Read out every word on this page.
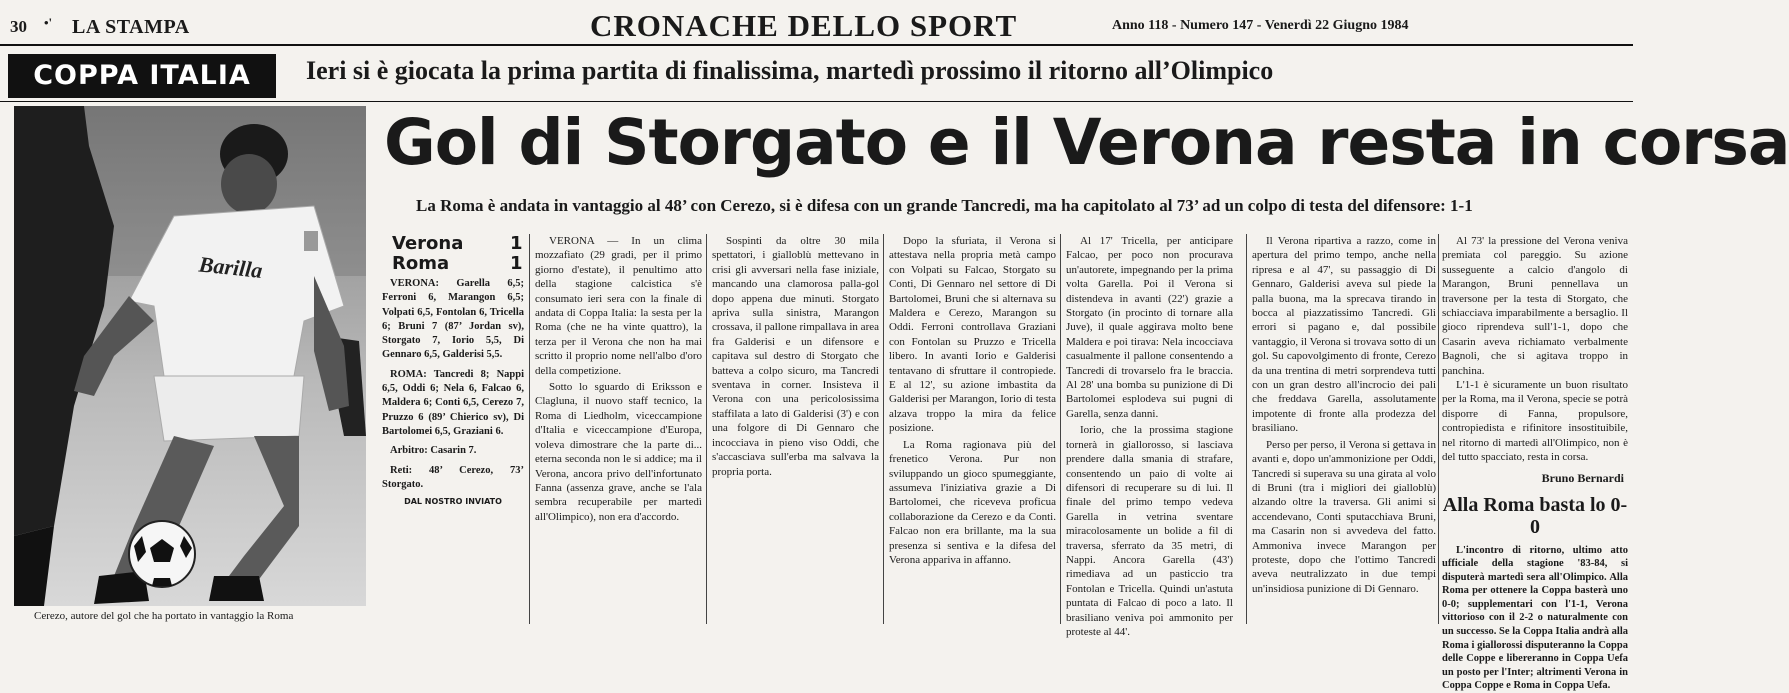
30 •' LA STAMPA	CRONACHE DELLO SPORT	Anno 118 - Numero 147 - Venerdì 22 Giugno 1984
COPPA ITALIA	Ieri si è giocata la prima partita di finalissima, martedì prossimo il ritorno all’Olimpico
Barilla
Cerezo, autore del gol che ha portato in vantaggio la Roma
Gol di Storgato e il Verona resta in corsa
La Roma è andata in vantaggio al 48’ con Cerezo, si è difesa con un grande Tancredi, ma ha capitolato al 73’ ad un colpo di testa del difensore: 1-1
Verona	1
Roma	1

VERONA: Garella 6,5; Ferroni 6, Marangon 6,5; Volpati 6,5, Fontolan 6, Tricella 6; Bruni 7 (87’ Jordan sv), Storgato 7, Iorio 5,5, Di Gennaro 6,5, Galderisi 5,5.

ROMA: Tancredi 8; Nappi 6,5, Oddi 6; Nela 6, Falcao 6, Maldera 6; Conti 6,5, Cerezo 7, Pruzzo 6 (89’ Chierico sv), Di Bartolomei 6,5, Graziani 6.

Arbitro: Casarin 7.

Reti: 48’ Cerezo, 73’ Storgato.

DAL NOSTRO INVIATO

VERONA — In un clima mozzafiato (29 gradi, per il primo giorno d'estate), il penultimo atto della stagione calcistica s'è consumato ieri sera con la finale di andata di Coppa Italia: la sesta per la Roma (che ne ha vinte quattro), la terza per il Verona che non ha mai scritto il proprio nome nell'albo d'oro della competizione.

Sotto lo sguardo di Eriksson e Clagluna, il nuovo staff tecnico, la Roma di Liedholm, viceccampione d'Italia e viceccampione d'Europa, voleva dimostrare che la parte di... eterna seconda non le si addice; ma il Verona, ancora privo dell'infortunato Fanna (assenza grave, anche se l'ala sembra recuperabile per martedì all'Olimpico), non era d'accordo.

Sospinti da oltre 30 mila spettatori, i gialloblù mettevano in crisi gli avversari nella fase iniziale, mancando una clamorosa palla-gol dopo appena due minuti. Storgato apriva sulla sinistra, Marangon crossava, il pallone rimpallava in area fra Galderisi e un difensore e capitava sul destro di Storgato che batteva a colpo sicuro, ma Tancredi sventava in corner. Insisteva il Verona con una pericolosissima staffilata a lato di Galderisi (3') e con una folgore di Di Gennaro che incocciava in pieno viso Oddi, che s'accasciava sull'erba ma salvava la propria porta.

Dopo la sfuriata, il Verona si attestava nella propria metà campo con Volpati su Falcao, Storgato su Conti, Di Gennaro nel settore di Di Bartolomei, Bruni che si alternava su Maldera e Cerezo, Marangon su Oddi. Ferroni controllava Graziani con Fontolan su Pruzzo e Tricella libero. In avanti Iorio e Galderisi tentavano di sfruttare il contropiede. E al 12', su azione imbastita da Galderisi per Marangon, Iorio di testa alzava troppo la mira da felice posizione.

La Roma ragionava più del frenetico Verona. Pur non sviluppando un gioco spumeggiante, assumeva l'iniziativa grazie a Di Bartolomei, che riceveva proficua collaborazione da Cerezo e da Conti. Falcao non era brillante, ma la sua presenza si sentiva e la difesa del Verona appariva in affanno.

Al 17' Tricella, per anticipare Falcao, per poco non procurava un'autorete, impegnando per la prima volta Garella. Poi il Verona si distendeva in avanti (22') grazie a Storgato (in procinto di tornare alla Juve), il quale aggirava molto bene Maldera e poi tirava: Nela incocciava casualmente il pallone consentendo a Tancredi di trovarselo fra le braccia. Al 28' una bomba su punizione di Di Bartolomei esplodeva sui pugni di Garella, senza danni.

Iorio, che la prossima stagione tornerà in giallorosso, si lasciava prendere dalla smania di strafare, consentendo un paio di volte ai difensori di recuperare su di lui. Il finale del primo tempo vedeva Garella in vetrina sventare miracolosamente un bolide a fil di traversa, sferrato da 35 metri, di Nappi. Ancora Garella (43') rimediava ad un pasticcio tra Fontolan e Tricella. Quindi un'astuta puntata di Falcao di poco a lato. Il brasiliano veniva poi ammonito per proteste al 44'.

Il Verona ripartiva a razzo, come in apertura del primo tempo, anche nella ripresa e al 47', su passaggio di Di Gennaro, Galderisi aveva sul piede la palla buona, ma la sprecava tirando in bocca al piazzatissimo Tancredi. Gli errori si pagano e, dal possibile vantaggio, il Verona si trovava sotto di un gol. Su capovolgimento di fronte, Cerezo da una trentina di metri sorprendeva tutti con un gran destro all'incrocio dei pali che freddava Garella, assolutamente impotente di fronte alla prodezza del brasiliano.

Perso per perso, il Verona si gettava in avanti e, dopo un'ammonizione per Oddi, Tancredi si superava su una girata al volo di Bruni (tra i migliori dei gialloblù) alzando oltre la traversa. Gli animi si accendevano, Conti sputacchiava Bruni, ma Casarin non si avvedeva del fatto. Ammoniva invece Marangon per proteste, dopo che l'ottimo Tancredi aveva neutralizzato in due tempi un'insidiosa punizione di Di Gennaro.

Al 73' la pressione del Verona veniva premiata col pareggio. Su azione susseguente a calcio d'angolo di Marangon, Bruni pennellava un traversone per la testa di Storgato, che schiacciava imparabilmente a bersaglio. Il gioco riprendeva sull'1-1, dopo che Casarin aveva richiamato verbalmente Bagnoli, che si agitava troppo in panchina.

L'1-1 è sicuramente un buon risultato per la Roma, ma il Verona, specie se potrà disporre di Fanna, propulsore, contropiedista e rifinitore insostituibile, nel ritorno di martedì all'Olimpico, non è del tutto spacciato, resta in corsa.

Bruno Bernardi
Alla Roma basta lo 0-0
L'incontro di ritorno, ultimo atto ufficiale della stagione '83-84, si disputerà martedì sera all'Olimpico. Alla Roma per ottenere la Coppa basterà uno 0-0; supplementari con l'1-1, Verona vittorioso con il 2-2 o naturalmente con un successo. Se la Coppa Italia andrà alla Roma i giallorossi disputeranno la Coppa delle Coppe e libereranno in Coppa Uefa un posto per l'Inter; altrimenti Verona in Coppa Coppe e Roma in Coppa Uefa.
